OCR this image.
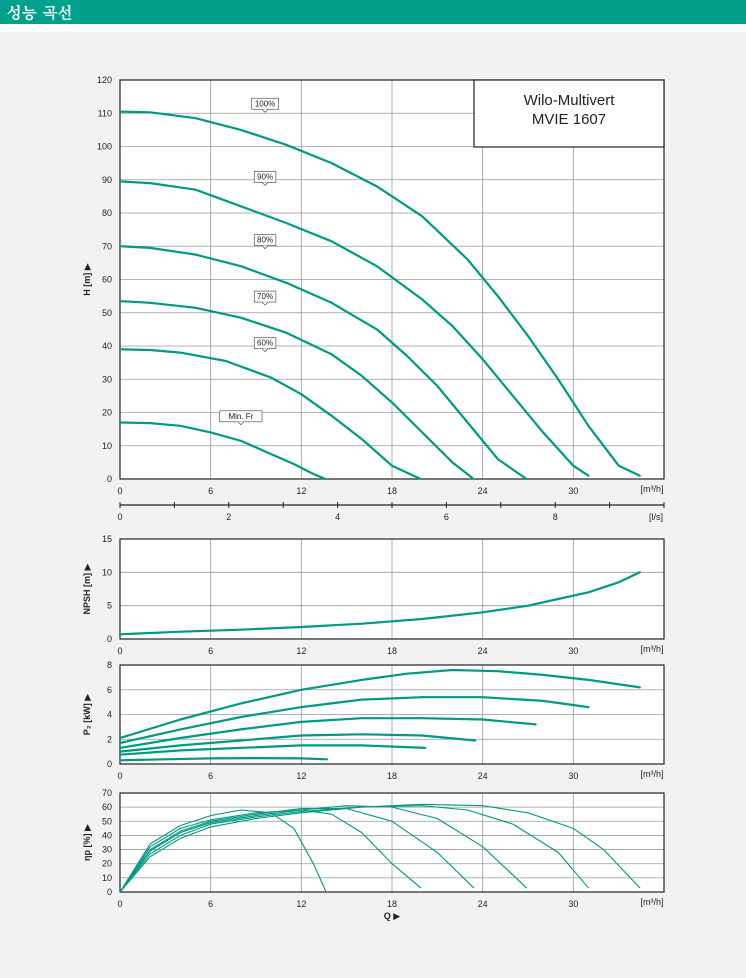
성능 곡선
0	6	12	18	24	30
0
10
20
30
40
50
60
70
80
90
100
110
120
[m³/h]
H [m] ▶
0	2	4	6	8	[l/s]
100%
90%
80%
70%
60%
Min. Fr
Wilo-Multivert
MVIE 1607
0	6	12	18	24	30
0
5
10
15
[m³/h]
NPSH [m] ▶
0	6	12	18	24	30
0
2
4
6
8
[m³/h]
P₂ [kW] ▶
0	6	12	18	24	30
0
10
20
30
40
50
60
70
[m³/h]
ηp [%] ▶
Q ▶
